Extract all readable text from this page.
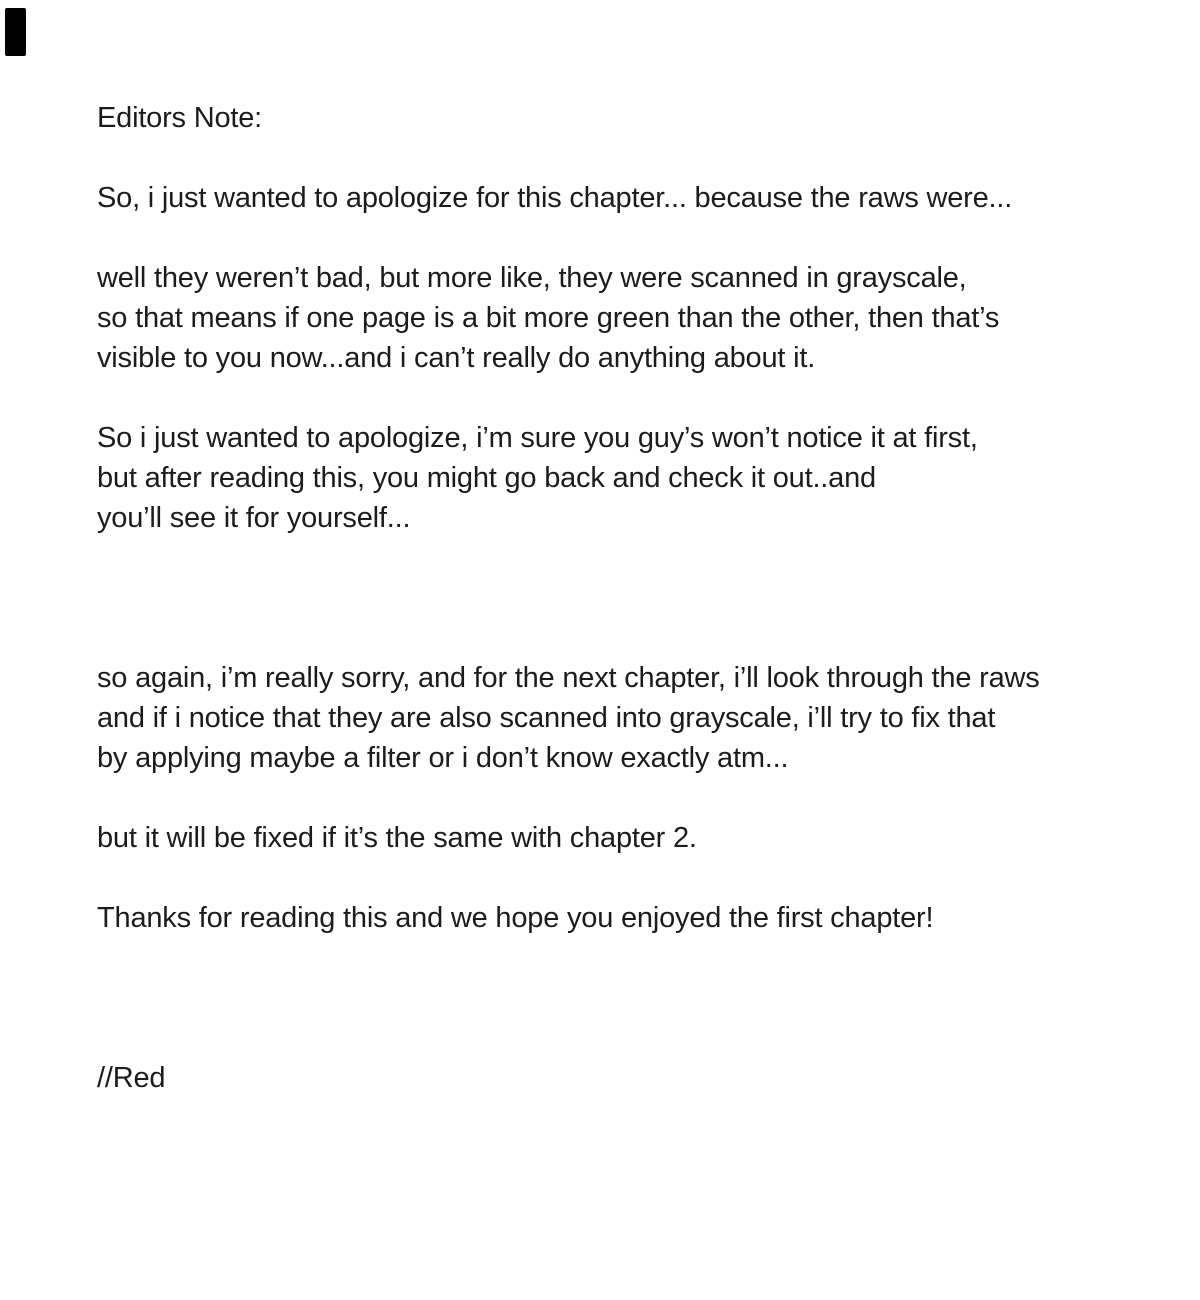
Editors Note:

So, i just wanted to apologize for this chapter... because the raws were...

well they weren’t bad, but more like, they were scanned in grayscale,
so that means if one page is a bit more green than the other, then that’s
visible to you now...and i can’t really do anything about it.

So i just wanted to apologize, i’m sure you guy’s won’t notice it at first,
but after reading this, you might go back and check it out..and
you’ll see it for yourself...

so again, i’m really sorry, and for the next chapter, i’ll look through the raws
and if i notice that they are also scanned into grayscale, i’ll try to fix that
by applying maybe a filter or i don’t know exactly atm...

but it will be fixed if it’s the same with chapter 2.

Thanks for reading this and we hope you enjoyed the first chapter!

//Red
